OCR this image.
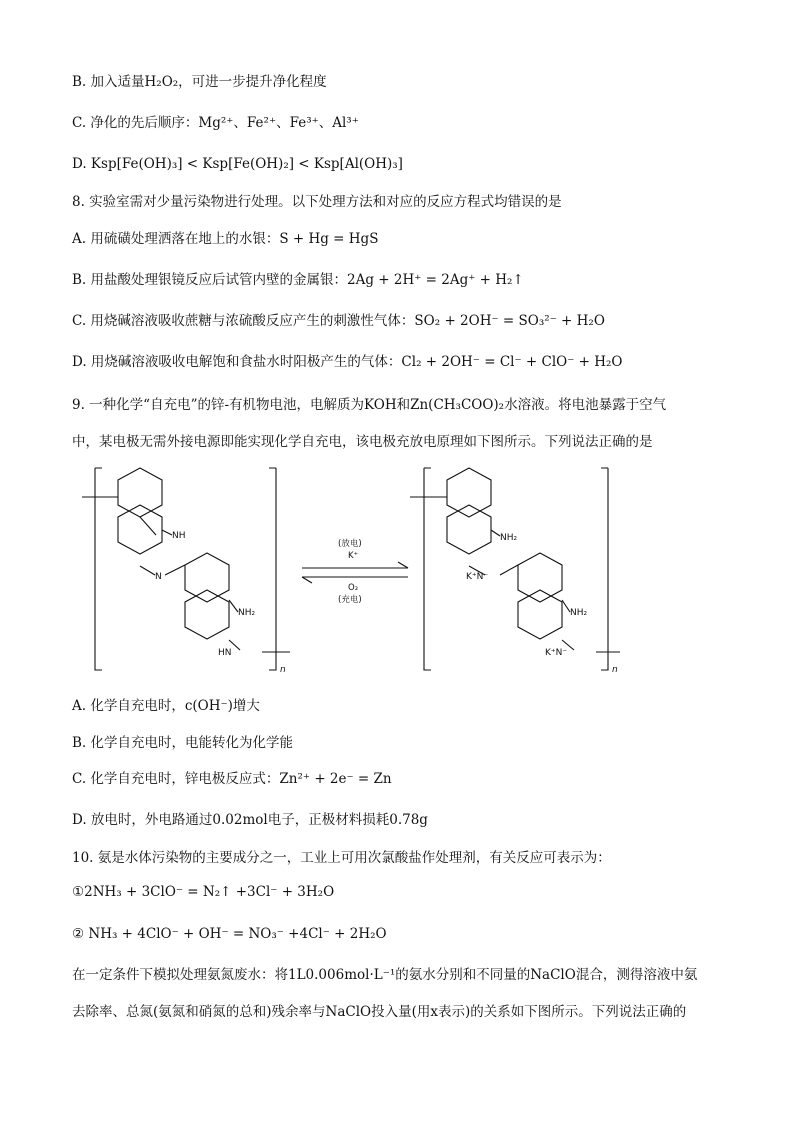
B. 加入适量H₂O₂，可进一步提升净化程度
C. 净化的先后顺序：Mg²⁺、Fe²⁺、Fe³⁺、Al³⁺
D. Ksp[Fe(OH)₃] < Ksp[Fe(OH)₂] < Ksp[Al(OH)₃]
8. 实验室需对少量污染物进行处理。以下处理方法和对应的反应方程式均错误的是
A. 用硫磺处理洒落在地上的水银：S + Hg = HgS
B. 用盐酸处理银镜反应后试管内壁的金属银：2Ag + 2H⁺ = 2Ag⁺ + H₂↑
C. 用烧碱溶液吸收蔗糖与浓硫酸反应产生的刺激性气体：SO₂ + 2OH⁻ = SO₃²⁻ + H₂O
D. 用烧碱溶液吸收电解饱和食盐水时阳极产生的气体：Cl₂ + 2OH⁻ = Cl⁻ + ClO⁻ + H₂O
9. 一种化学“自充电”的锌-有机物电池，电解质为KOH和Zn(CH₃COO)₂水溶液。将电池暴露于空气
中，某电极无需外接电源即能实现化学自充电，该电极充放电原理如下图所示。下列说法正确的是
NH
N
NH₂
HN
n
(放电)
K⁺
O₂
(充电)
NH₂
K⁺N⁻
NH₂
K⁺N⁻
n
A. 化学自充电时，c(OH⁻)增大
B. 化学自充电时，电能转化为化学能
C. 化学自充电时，锌电极反应式：Zn²⁺ + 2e⁻ = Zn
D. 放电时，外电路通过0.02mol电子，正极材料损耗0.78g
10. 氨是水体污染物的主要成分之一，工业上可用次氯酸盐作处理剂，有关反应可表示为：
①2NH₃ + 3ClO⁻ = N₂↑ +3Cl⁻ + 3H₂O
② NH₃ + 4ClO⁻ + OH⁻ = NO₃⁻ +4Cl⁻ + 2H₂O
在一定条件下模拟处理氨氮废水：将1L0.006mol·L⁻¹的氨水分别和不同量的NaClO混合，测得溶液中氨
去除率、总氮(氨氮和硝氮的总和)残余率与NaClO投入量(用x表示)的关系如下图所示。下列说法正确的
